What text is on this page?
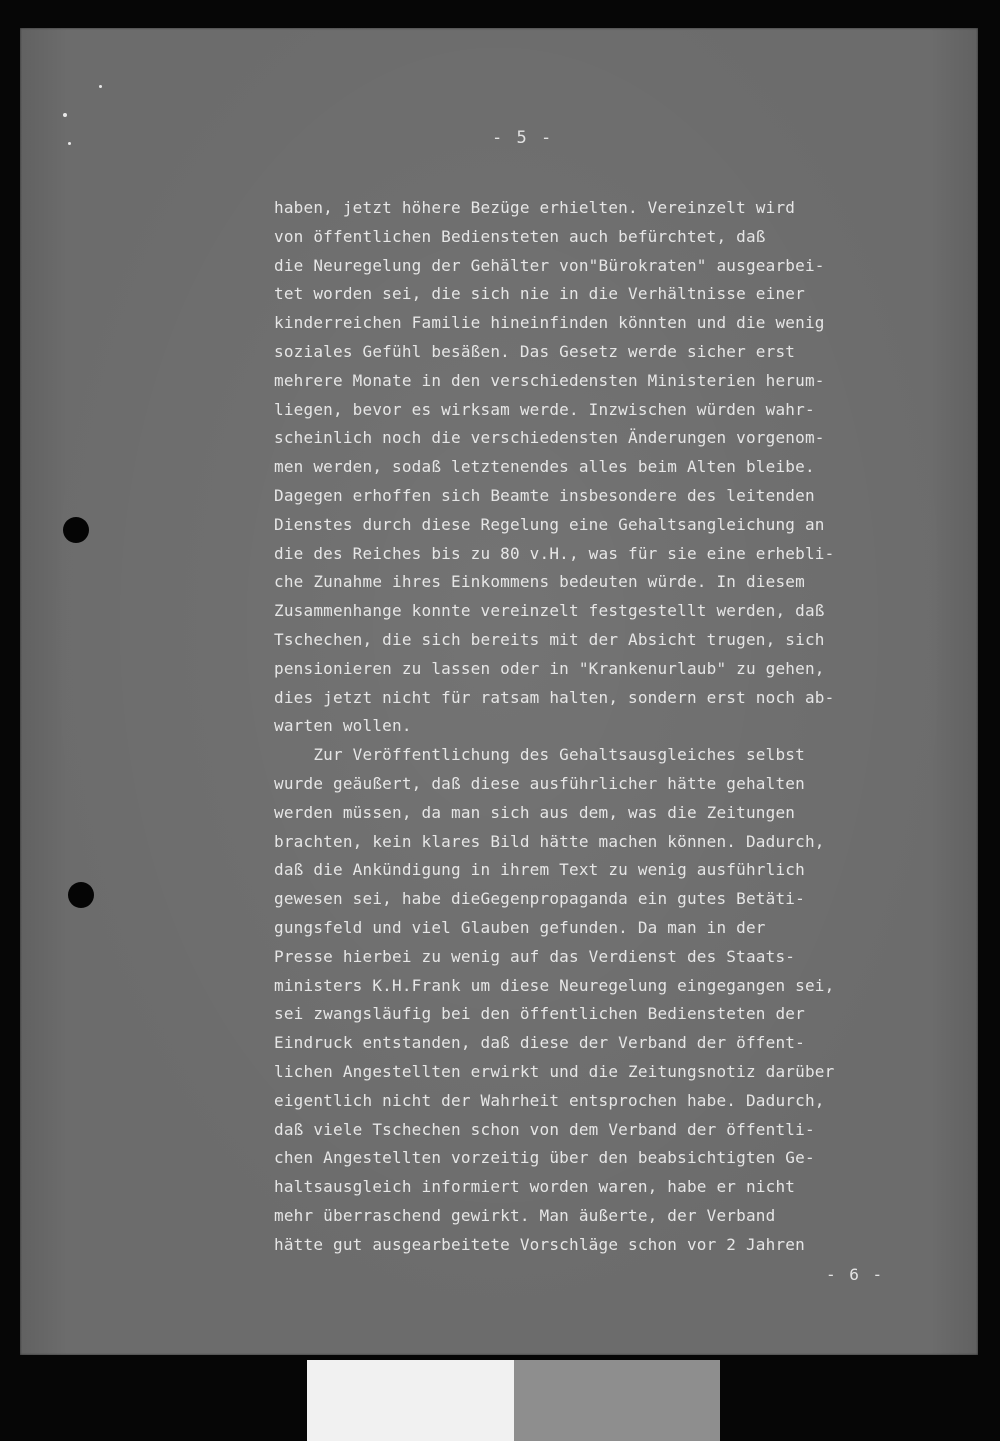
- 5 -
haben, jetzt höhere Bezüge erhielten. Vereinzelt wird
von öffentlichen Bediensteten auch befürchtet, daß
die Neuregelung der Gehälter von"Bürokraten" ausgearbei-
tet worden sei, die sich nie in die Verhältnisse einer
kinderreichen Familie hineinfinden könnten und die wenig
soziales Gefühl besäßen. Das Gesetz werde sicher erst
mehrere Monate in den verschiedensten Ministerien herum-
liegen, bevor es wirksam werde. Inzwischen würden wahr-
scheinlich noch die verschiedensten Änderungen vorgenom-
men werden, sodaß letztenendes alles beim Alten bleibe.
Dagegen erhoffen sich Beamte insbesondere des leitenden
Dienstes durch diese Regelung eine Gehaltsangleichung an
die des Reiches bis zu 80 v.H., was für sie eine erhebli-
che Zunahme ihres Einkommens bedeuten würde. In diesem
Zusammenhange konnte vereinzelt festgestellt werden, daß
Tschechen, die sich bereits mit der Absicht trugen, sich
pensionieren zu lassen oder in "Krankenurlaub" zu gehen,
dies jetzt nicht für ratsam halten, sondern erst noch ab-
warten wollen.
Zur Veröffentlichung des Gehaltsausgleiches selbst
wurde geäußert, daß diese ausführlicher hätte gehalten
werden müssen, da man sich aus dem, was die Zeitungen
brachten, kein klares Bild hätte machen können. Dadurch,
daß die Ankündigung in ihrem Text zu wenig ausführlich
gewesen sei, habe dieGegenpropaganda ein gutes Betäti-
gungsfeld und viel Glauben gefunden. Da man in der
Presse hierbei zu wenig auf das Verdienst des Staats-
ministers K.H.Frank um diese Neuregelung eingegangen sei,
sei zwangsläufig bei den öffentlichen Bediensteten der
Eindruck entstanden, daß diese der Verband der öffent-
lichen Angestellten erwirkt und die Zeitungsnotiz darüber
eigentlich nicht der Wahrheit entsprochen habe. Dadurch,
daß viele Tschechen schon von dem Verband der öffentli-
chen Angestellten vorzeitig über den beabsichtigten Ge-
haltsausgleich informiert worden waren, habe er nicht
mehr überraschend gewirkt. Man äußerte, der Verband
hätte gut ausgearbeitete Vorschläge schon vor 2 Jahren
- 6 -
